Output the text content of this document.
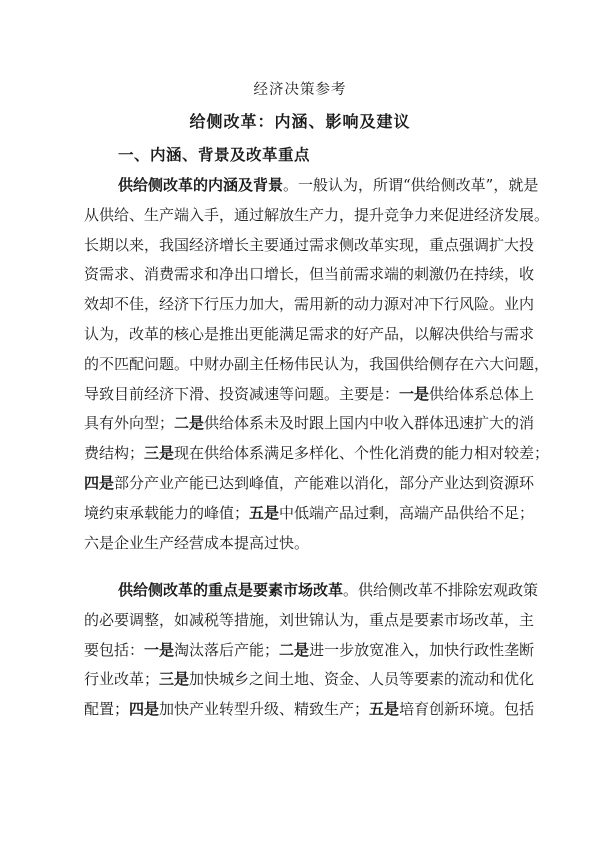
经济决策参考
给侧改革：内涵、影响及建议
一、内涵、背景及改革重点
供给侧改革的内涵及背景。一般认为，所谓“供给侧改革”，就是
从供给、生产端入手，通过解放生产力，提升竞争力来促进经济发展。
长期以来，我国经济增长主要通过需求侧改革实现，重点强调扩大投
资需求、消费需求和净出口增长，但当前需求端的刺激仍在持续，收
效却不佳，经济下行压力加大，需用新的动力源对冲下行风险。业内
认为，改革的核心是推出更能满足需求的好产品，以解决供给与需求
的不匹配问题。中财办副主任杨伟民认为，我国供给侧存在六大问题，
导致目前经济下滑、投资减速等问题。主要是：一是供给体系总体上
具有外向型；二是供给体系未及时跟上国内中收入群体迅速扩大的消
费结构；三是现在供给体系满足多样化、个性化消费的能力相对较差；
四是部分产业产能已达到峰值，产能难以消化，部分产业达到资源环
境约束承载能力的峰值；五是中低端产品过剩，高端产品供给不足；
六是企业生产经营成本提高过快。
供给侧改革的重点是要素市场改革。供给侧改革不排除宏观政策
的必要调整，如减税等措施，刘世锦认为，重点是要素市场改革，主
要包括：一是淘汰落后产能；二是进一步放宽准入，加快行政性垄断
行业改革；三是加快城乡之间土地、资金、人员等要素的流动和优化
配置；四是加快产业转型升级、精致生产；五是培育创新环境。包括
